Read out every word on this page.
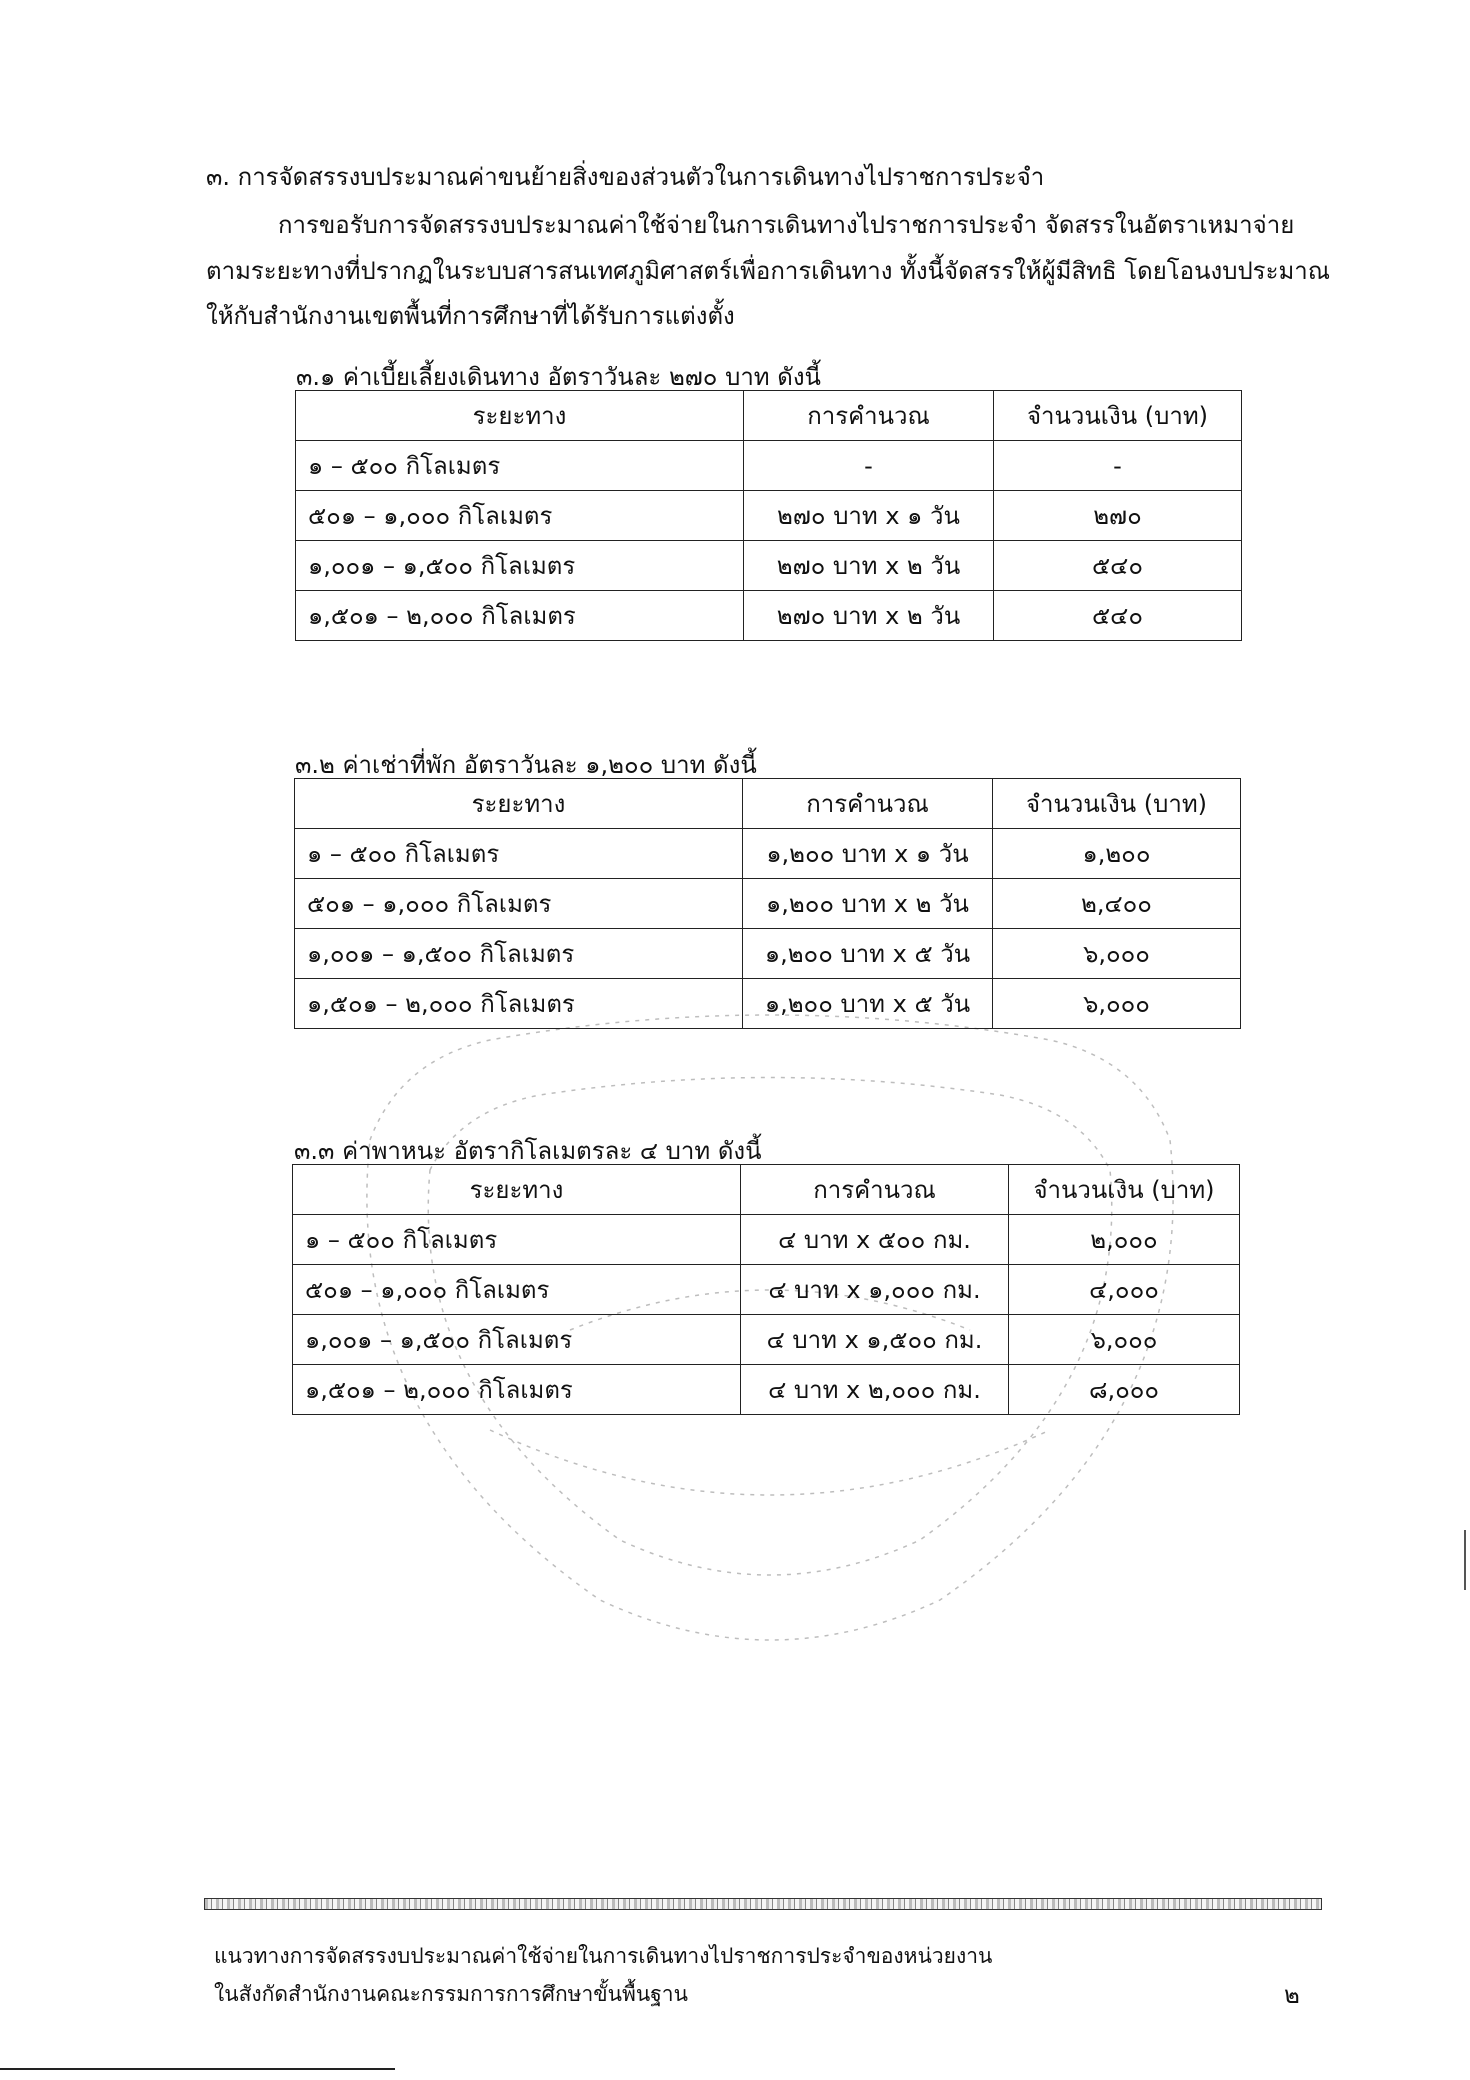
๓. การจัดสรรงบประมาณค่าขนย้ายสิ่งของส่วนตัวในการเดินทางไปราชการประจำ
การขอรับการจัดสรรงบประมาณค่าใช้จ่ายในการเดินทางไปราชการประจำ จัดสรรในอัตราเหมาจ่าย
ตามระยะทางที่ปรากฏในระบบสารสนเทศภูมิศาสตร์เพื่อการเดินทาง ทั้งนี้จัดสรรให้ผู้มีสิทธิ โดยโอนงบประมาณ
ให้กับสำนักงานเขตพื้นที่การศึกษาที่ได้รับการแต่งตั้ง
๓.๑ ค่าเบี้ยเลี้ยงเดินทาง อัตราวันละ ๒๗๐ บาท ดังนี้
ระยะทาง	การคำนวณ	จำนวนเงิน (บาท)
๑ – ๕๐๐ กิโลเมตร	-	-
๕๐๑ – ๑,๐๐๐ กิโลเมตร	๒๗๐ บาท x ๑ วัน	๒๗๐
๑,๐๐๑ – ๑,๕๐๐ กิโลเมตร	๒๗๐ บาท x ๒ วัน	๕๔๐
๑,๕๐๑ – ๒,๐๐๐ กิโลเมตร	๒๗๐ บาท x ๒ วัน	๕๔๐
๓.๒ ค่าเช่าที่พัก อัตราวันละ ๑,๒๐๐ บาท ดังนี้
ระยะทาง	การคำนวณ	จำนวนเงิน (บาท)
๑ – ๕๐๐ กิโลเมตร	๑,๒๐๐ บาท x ๑ วัน	๑,๒๐๐
๕๐๑ – ๑,๐๐๐ กิโลเมตร	๑,๒๐๐ บาท x ๒ วัน	๒,๔๐๐
๑,๐๐๑ – ๑,๕๐๐ กิโลเมตร	๑,๒๐๐ บาท x ๕ วัน	๖,๐๐๐
๑,๕๐๑ – ๒,๐๐๐ กิโลเมตร	๑,๒๐๐ บาท x ๕ วัน	๖,๐๐๐
๓.๓ ค่าพาหนะ อัตรากิโลเมตรละ ๔ บาท ดังนี้
ระยะทาง	การคำนวณ	จำนวนเงิน (บาท)
๑ – ๕๐๐ กิโลเมตร	๔ บาท x ๕๐๐ กม.	๒,๐๐๐
๕๐๑ – ๑,๐๐๐ กิโลเมตร	๔ บาท x ๑,๐๐๐ กม.	๔,๐๐๐
๑,๐๐๑ – ๑,๕๐๐ กิโลเมตร	๔ บาท x ๑,๕๐๐ กม.	๖,๐๐๐
๑,๕๐๑ – ๒,๐๐๐ กิโลเมตร	๔ บาท x ๒,๐๐๐ กม.	๘,๐๐๐
แนวทางการจัดสรรงบประมาณค่าใช้จ่ายในการเดินทางไปราชการประจำของหน่วยงาน
ในสังกัดสำนักงานคณะกรรมการการศึกษาขั้นพื้นฐาน	๒
